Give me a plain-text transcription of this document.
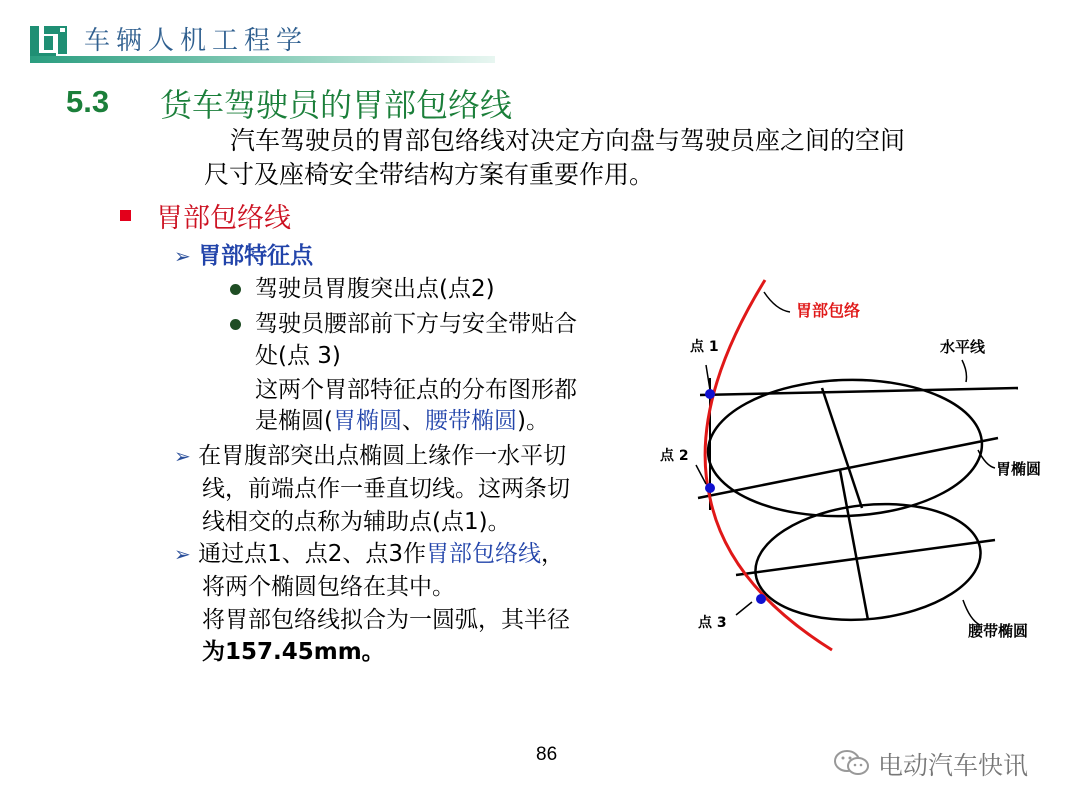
车辆人机工程学
5.3 货车驾驶员的胃部包络线
汽车驾驶员的胃部包络线对决定方向盘与驾驶员座之间的空间
尺寸及座椅安全带结构方案有重要作用。
胃部包络线
➢ 胃部特征点
驾驶员胃腹突出点(点2)
驾驶员腰部前下方与安全带贴合
处(点 3)
这两个胃部特征点的分布图形都
是椭圆(胃椭圆、腰带椭圆)。
➢ 在胃腹部突出点椭圆上缘作一水平切
线，前端点作一垂直切线。这两条切
线相交的点称为辅助点(点1)。
➢ 通过点1、点2、点3作胃部包络线，
将两个椭圆包络在其中。
将胃部包络线拟合为一圆弧，其半径
为157.45mm。
胃部包络
点 1	水平线
点 2
胃椭圆
点 3	腰带椭圆
86	电动汽车快讯
